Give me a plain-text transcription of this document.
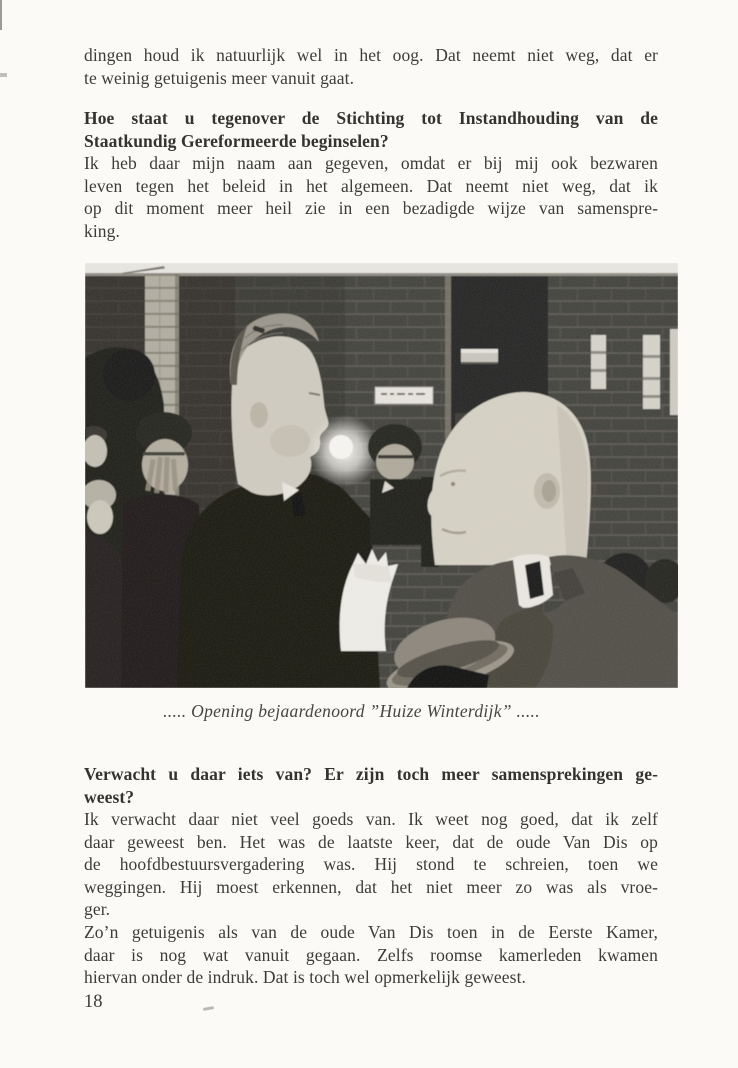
dingen houd ik natuurlijk wel in het oog. Dat neemt niet weg, dat er
te weinig getuigenis meer vanuit gaat.
Hoe staat u tegenover de Stichting tot Instandhouding van de
Staatkundig Gereformeerde beginselen?
Ik heb daar mijn naam aan gegeven, omdat er bij mij ook bezwaren
leven tegen het beleid in het algemeen. Dat neemt niet weg, dat ik
op dit moment meer heil zie in een bezadigde wijze van samenspre-
king.
..... Opening bejaardenoord ”Huize Winterdijk” .....
Verwacht u daar iets van? Er zijn toch meer samensprekingen ge-
weest?
Ik verwacht daar niet veel goeds van. Ik weet nog goed, dat ik zelf
daar geweest ben. Het was de laatste keer, dat de oude Van Dis op
de hoofdbestuursvergadering was. Hij stond te schreien, toen we
weggingen. Hij moest erkennen, dat het niet meer zo was als vroe-
ger.
Zo’n getuigenis als van de oude Van Dis toen in de Eerste Kamer,
daar is nog wat vanuit gegaan. Zelfs roomse kamerleden kwamen
hiervan onder de indruk. Dat is toch wel opmerkelijk geweest.
18
